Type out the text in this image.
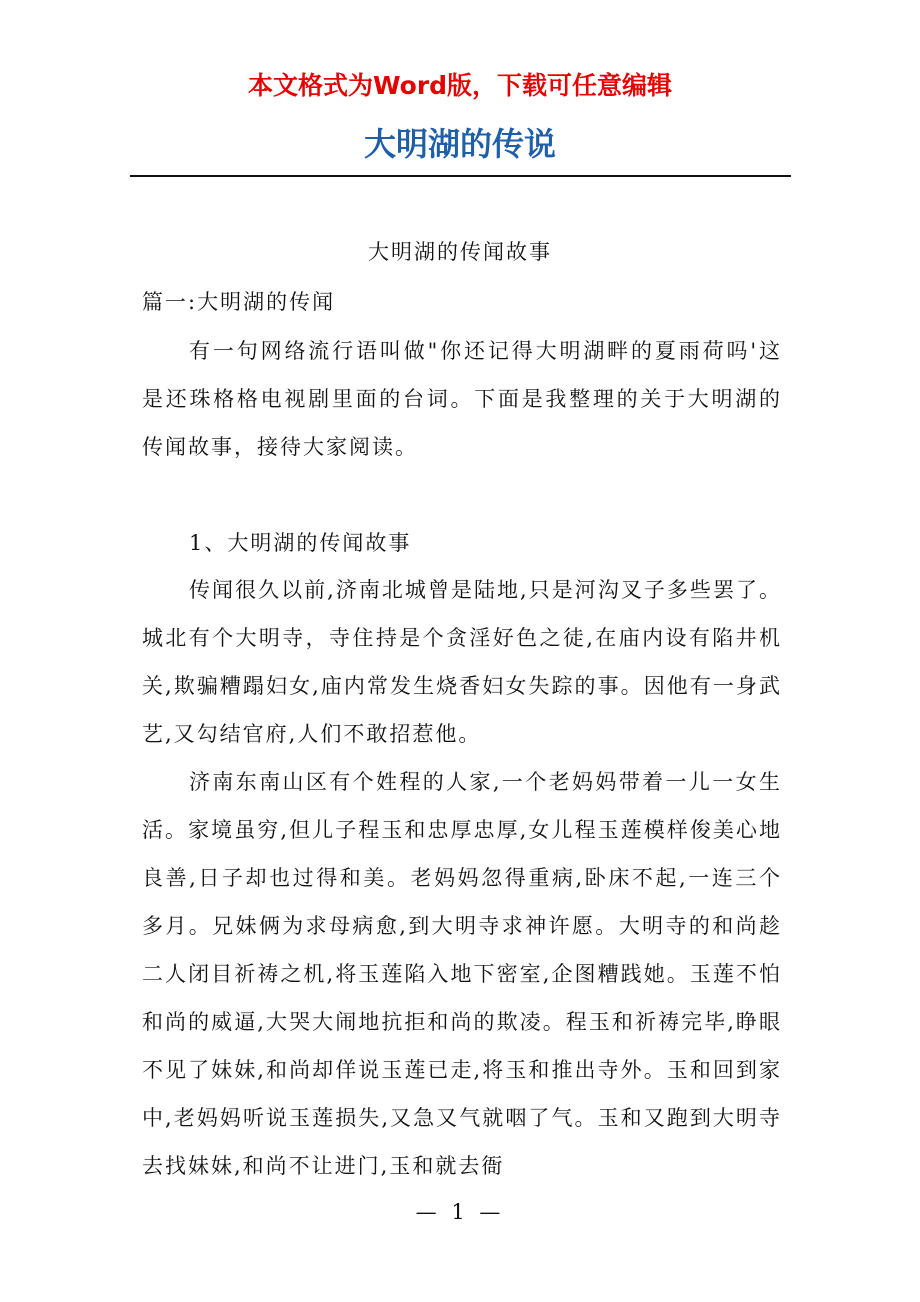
本文格式为Word版，下载可任意编辑
大明湖的传说
大明湖的传闻故事
篇一:大明湖的传闻

有一句网络流行语叫做"你还记得大明湖畔的夏雨荷吗'这是还珠格格电视剧里面的台词。下面是我整理的关于大明湖的传闻故事，接待大家阅读。

1、大明湖的传闻故事

传闻很久以前,济南北城曾是陆地,只是河沟叉子多些罢了。城北有个大明寺，寺住持是个贪淫好色之徒,在庙内设有陷井机关,欺骗糟蹋妇女,庙内常发生烧香妇女失踪的事。因他有一身武艺,又勾结官府,人们不敢招惹他。

济南东南山区有个姓程的人家,一个老妈妈带着一儿一女生活。家境虽穷,但儿子程玉和忠厚忠厚,女儿程玉莲模样俊美心地良善,日子却也过得和美。老妈妈忽得重病,卧床不起,一连三个多月。兄妹俩为求母病愈,到大明寺求神许愿。大明寺的和尚趁二人闭目祈祷之机,将玉莲陷入地下密室,企图糟践她。玉莲不怕和尚的威逼,大哭大闹地抗拒和尚的欺凌。程玉和祈祷完毕,睁眼不见了妹妹,和尚却佯说玉莲已走,将玉和推出寺外。玉和回到家中,老妈妈听说玉莲损失,又急又气就咽了气。玉和又跑到大明寺去找妹妹,和尚不让进门,玉和就去衙

— 1 —
